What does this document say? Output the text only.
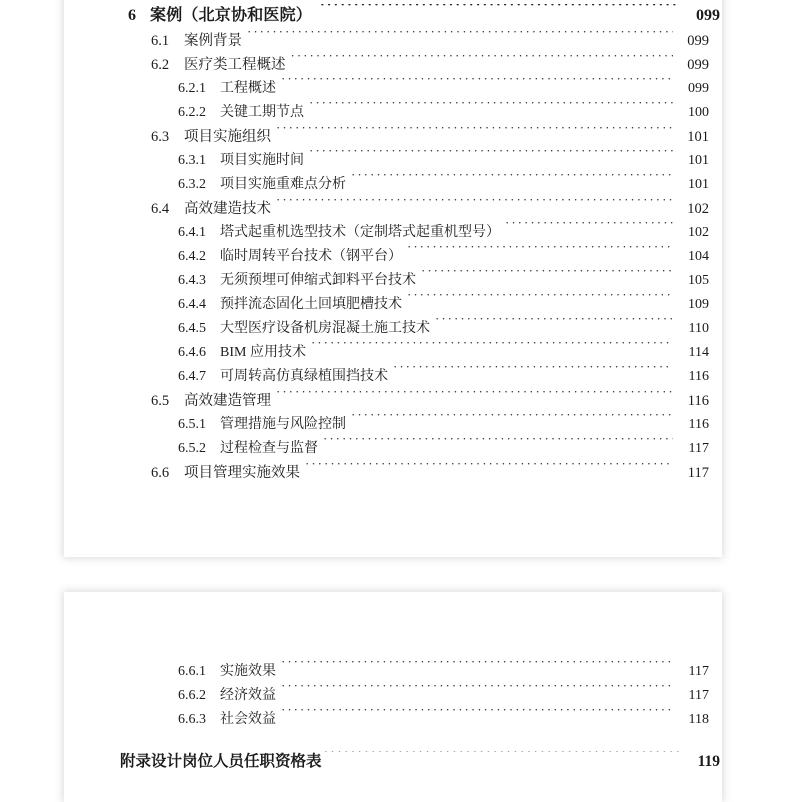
6 案例（北京协和医院） ·····	099
6.1	案例背景 ·····	099
6.2	医疗类工程概述 ·····	099
6.2.1	工程概述 ·····	099
6.2.2	关键工期节点 ·····	100
6.3	项目实施组织 ·····	101
6.3.1	项目实施时间 ·····	101
6.3.2	项目实施重难点分析 ·····	101
6.4	高效建造技术 ·····	102
6.4.1	塔式起重机选型技术（定制塔式起重机型号） ·····	102
6.4.2	临时周转平台技术（钢平台） ·····	104
6.4.3	无须预埋可伸缩式卸料平台技术 ·····	105
6.4.4	预拌流态固化土回填肥槽技术 ·····	109
6.4.5	大型医疗设备机房混凝土施工技术 ·····	110
6.4.6	BIM 应用技术 ·····	114
6.4.7	可周转高仿真绿植围挡技术 ·····	116
6.5	高效建造管理 ·····	116
6.5.1	管理措施与风险控制 ·····	116
6.5.2	过程检查与监督 ·····	117
6.6	项目管理实施效果 ·····	117
6.6.1	实施效果 ·····	117
6.6.2	经济效益 ·····	117
6.6.3	社会效益 ·····	118
附录 设计岗位人员任职资格表 ·····	119
